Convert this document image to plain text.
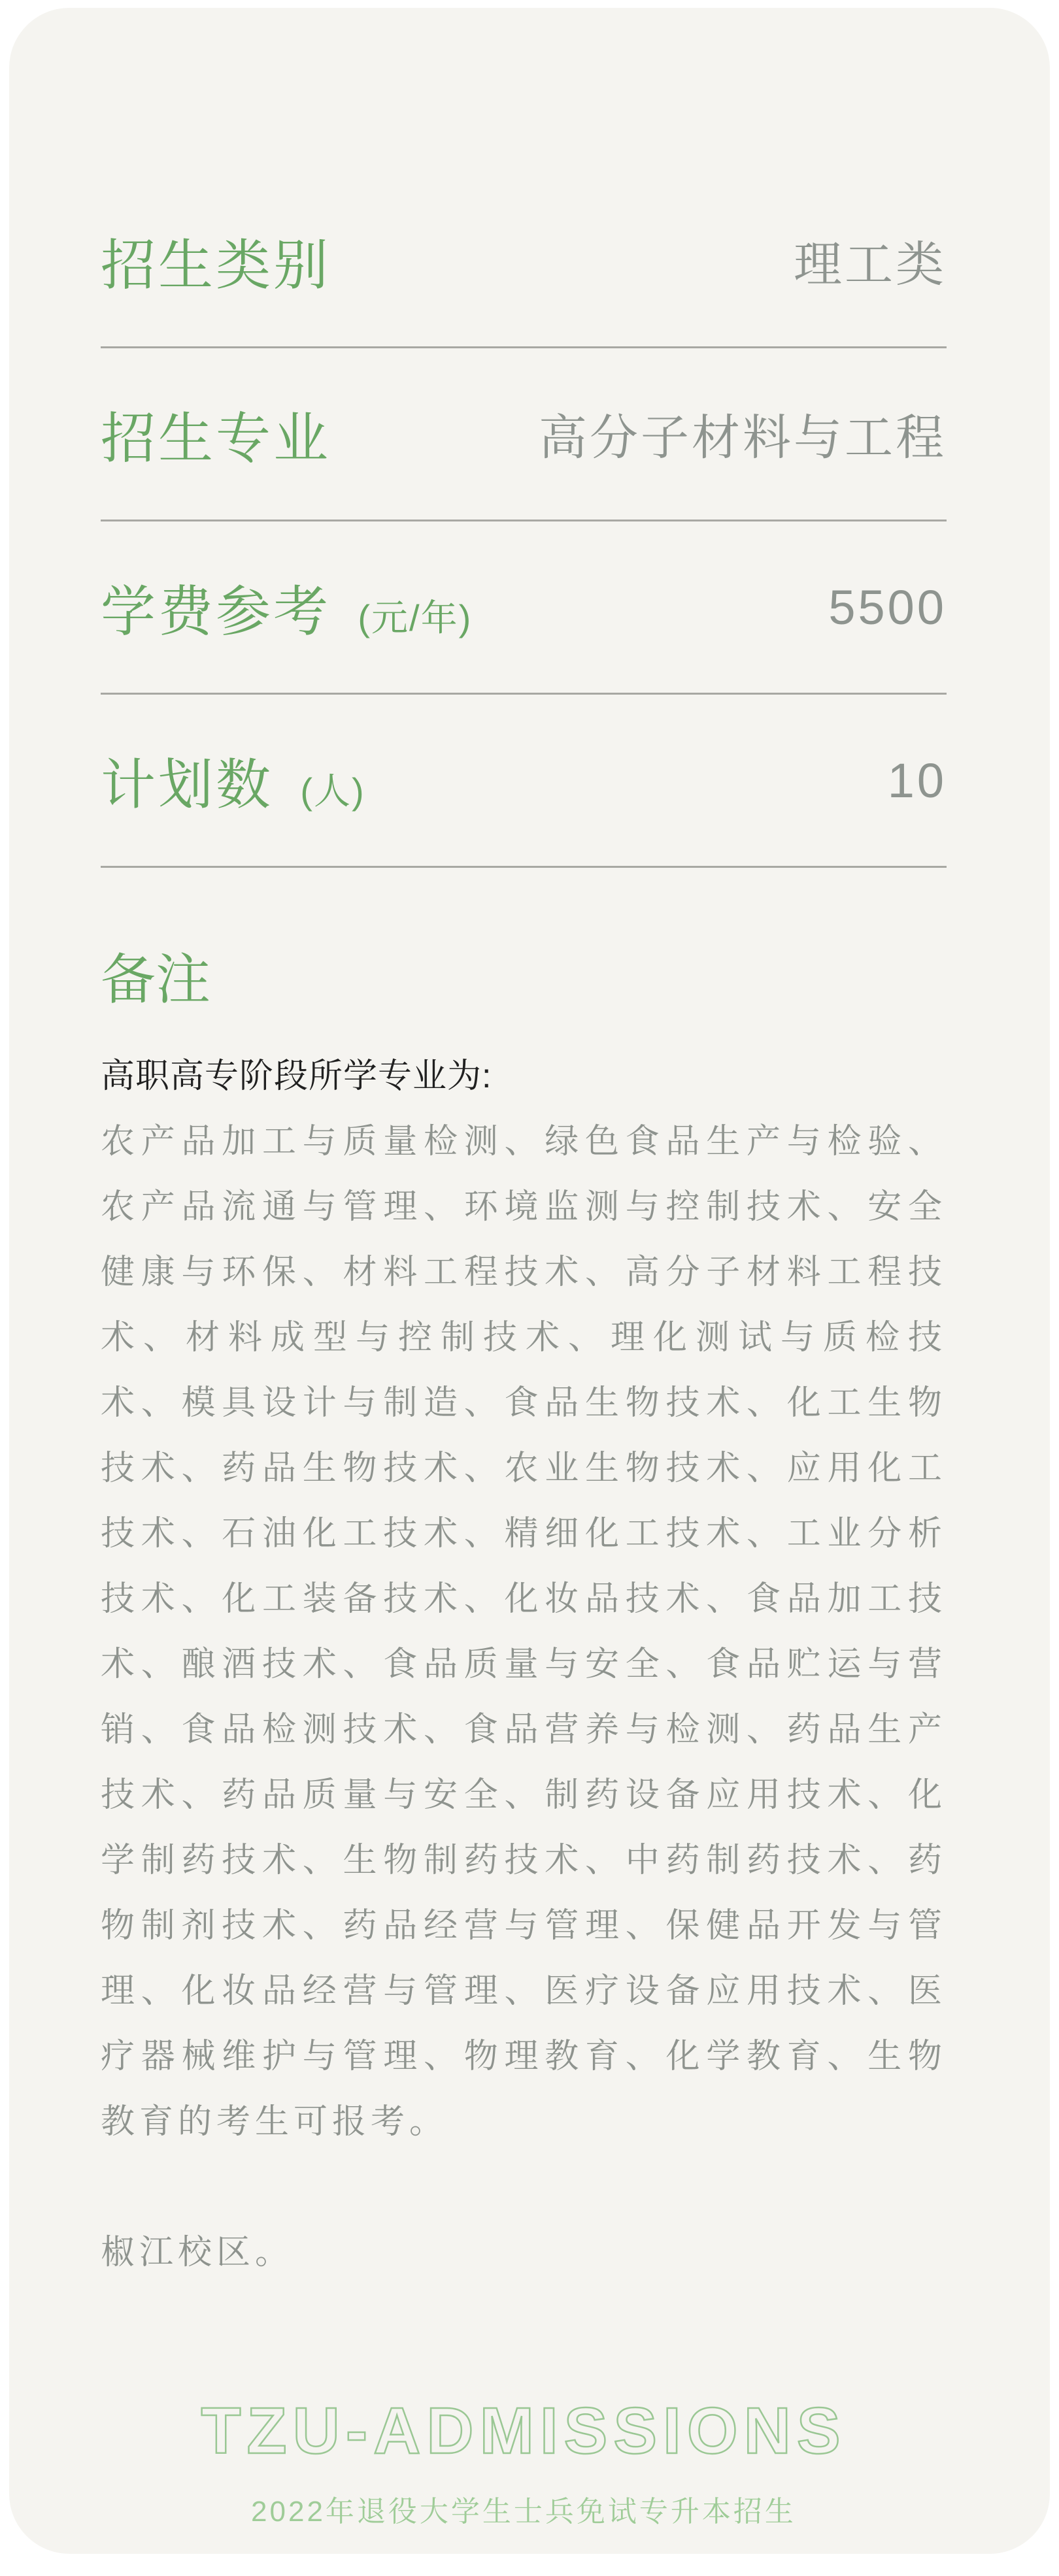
招生类别	理工类
招生专业	高分子材料与工程
学费参考 (元/年)	5500
计划数 (人)	10
备注

高职高专阶段所学专业为:

农产品加工与质量检测、绿色食品生产与检验、农产品流通与管理、环境监测与控制技术、安全健康与环保、材料工程技术、高分子材料工程技术、材料成型与控制技术、理化测试与质检技术、模具设计与制造、食品生物技术、化工生物技术、药品生物技术、农业生物技术、应用化工技术、石油化工技术、精细化工技术、工业分析技术、化工装备技术、化妆品技术、食品加工技术、酿酒技术、食品质量与安全、食品贮运与营销、食品检测技术、食品营养与检测、药品生产技术、药品质量与安全、制药设备应用技术、化学制药技术、生物制药技术、中药制药技术、药物制剂技术、药品经营与管理、保健品开发与管理、化妆品经营与管理、医疗设备应用技术、医疗器械维护与管理、物理教育、化学教育、生物教育的考生可报考。

椒江校区。

TZU-ADMISSIONS
2022年退役大学生士兵免试专升本招生
